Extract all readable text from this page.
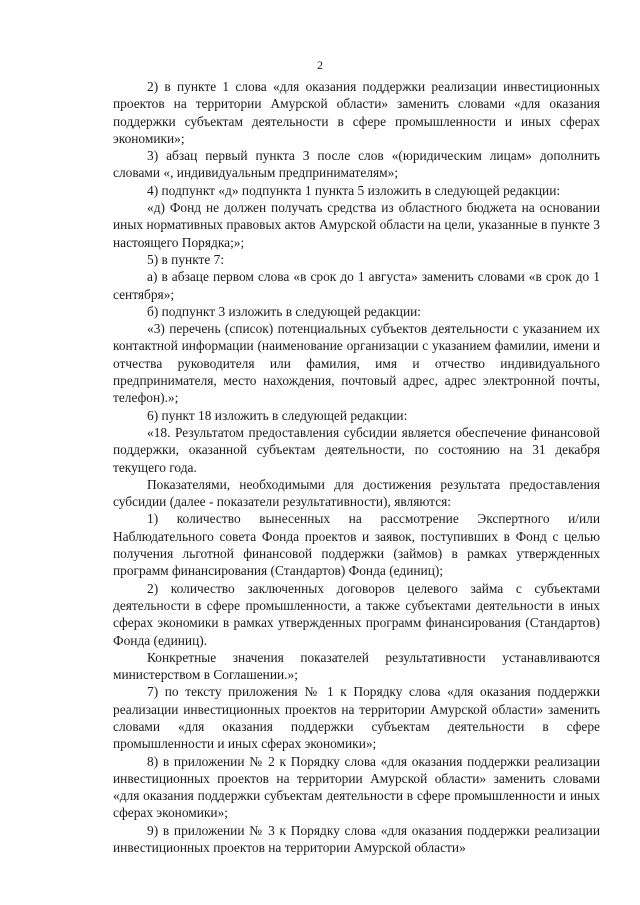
2

2) в пункте 1 слова «для оказания поддержки реализации инвестиционных проектов на территории Амурской области» заменить словами «для оказания поддержки субъектам деятельности в сфере промышленности и иных сферах экономики»;

3) абзац первый пункта 3 после слов «(юридическим лицам» дополнить словами «, индивидуальным предпринимателям»;

4) подпункт «д» подпункта 1 пункта 5 изложить в следующей редакции:

«д) Фонд не должен получать средства из областного бюджета на основании иных нормативных правовых актов Амурской области на цели, указанные в пункте 3 настоящего Порядка;»;

5) в пункте 7:

а) в абзаце первом слова «в срок до 1 августа» заменить словами «в срок до 1 сентября»;

б) подпункт 3 изложить в следующей редакции:

«3) перечень (список) потенциальных субъектов деятельности с указанием их контактной информации (наименование организации с указанием фамилии, имени и отчества руководителя или фамилия, имя и отчество индивидуального предпринимателя, место нахождения, почтовый адрес, адрес электронной почты, телефон).»;

6) пункт 18 изложить в следующей редакции:

«18. Результатом предоставления субсидии является обеспечение финансовой поддержки, оказанной субъектам деятельности, по состоянию на 31 декабря текущего года.

Показателями, необходимыми для достижения результата предоставления субсидии (далее - показатели результативности), являются:

1) количество вынесенных на рассмотрение Экспертного и/или Наблюдательного совета Фонда проектов и заявок, поступивших в Фонд с целью получения льготной финансовой поддержки (займов) в рамках утвержденных программ финансирования (Стандартов) Фонда (единиц);

2) количество заключенных договоров целевого займа с субъектами деятельности в сфере промышленности, а также субъектами деятельности в иных сферах экономики в рамках утвержденных программ финансирования (Стандартов) Фонда (единиц).

Конкретные значения показателей результативности устанавливаются министерством в Соглашении.»;

7) по тексту приложения № 1 к Порядку слова «для оказания поддержки реализации инвестиционных проектов на территории Амурской области» заменить словами «для оказания поддержки субъектам деятельности в сфере промышленности и иных сферах экономики»;

8) в приложении № 2 к Порядку слова «для оказания поддержки реализации инвестиционных проектов на территории Амурской области» заменить словами «для оказания поддержки субъектам деятельности в сфере промышленности и иных сферах экономики»;

9) в приложении № 3 к Порядку слова «для оказания поддержки реализации инвестиционных проектов на территории Амурской области»
